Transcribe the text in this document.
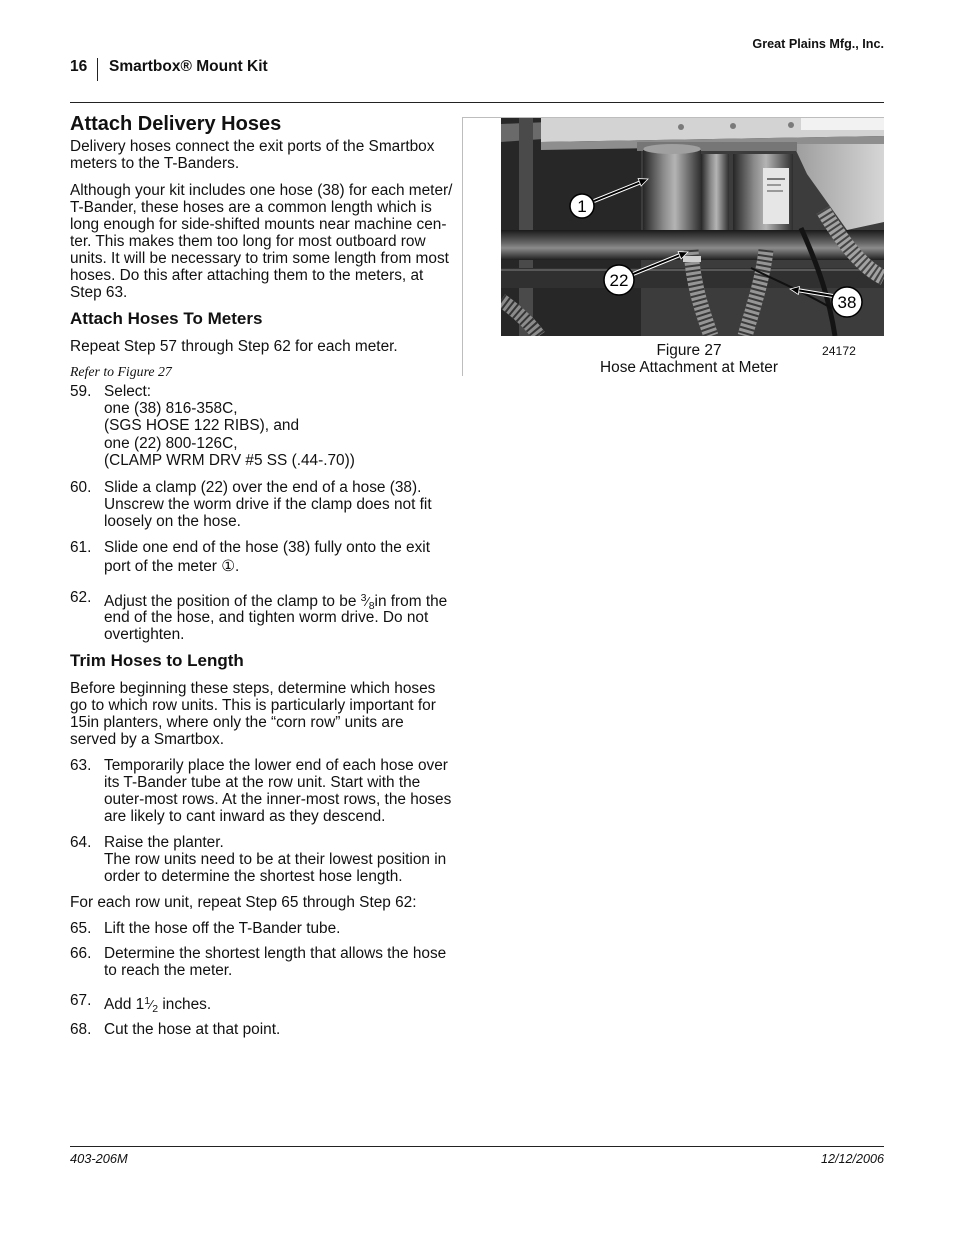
Great Plains Mfg., Inc.
16 Smartbox® Mount Kit
Attach Delivery Hoses
Delivery hoses connect the exit ports of the Smartbox
meters to the T-Banders.
Although your kit includes one hose (38) for each meter/
T-Bander, these hoses are a common length which is
long enough for side-shifted mounts near machine cen-
ter. This makes them too long for most outboard row
units. It will be necessary to trim some length from most
hoses. Do this after attaching them to the meters, at
Step 63.
Attach Hoses To Meters
Repeat Step 57 through Step 62 for each meter.
Refer to Figure 27
59. Select:
one (38) 816-358C,
(SGS HOSE 122 RIBS), and
one (22) 800-126C,
(CLAMP WRM DRV #5 SS (.44-.70))
60. Slide a clamp (22) over the end of a hose (38).
Unscrew the worm drive if the clamp does not fit
loosely on the hose.
61. Slide one end of the hose (38) fully onto the exit
port of the meter ①.
62. Adjust the position of the clamp to be $^3$⁄8in from the
end of the hose, and tighten worm drive. Do not
overtighten.
Trim Hoses to Length
Before beginning these steps, determine which hoses
go to which row units. This is particularly important for
15in planters, where only the “corn row” units are
served by a Smartbox.
63. Temporarily place the lower end of each hose over
its T-Bander tube at the row unit. Start with the
outer-most rows. At the inner-most rows, the hoses
are likely to cant inward as they descend.
64. Raise the planter.
The row units need to be at their lowest position in
order to determine the shortest hose length.
For each row unit, repeat Step 65 through Step 62:
65. Lift the hose off the T-Bander tube.
66. Determine the shortest length that allows the hose
to reach the meter.
67. Add 1$^1$⁄2 inches.
68. Cut the hose at that point.
1
22
38
Figure 27
Hose Attachment at Meter
24172
403-206M	12/12/2006
